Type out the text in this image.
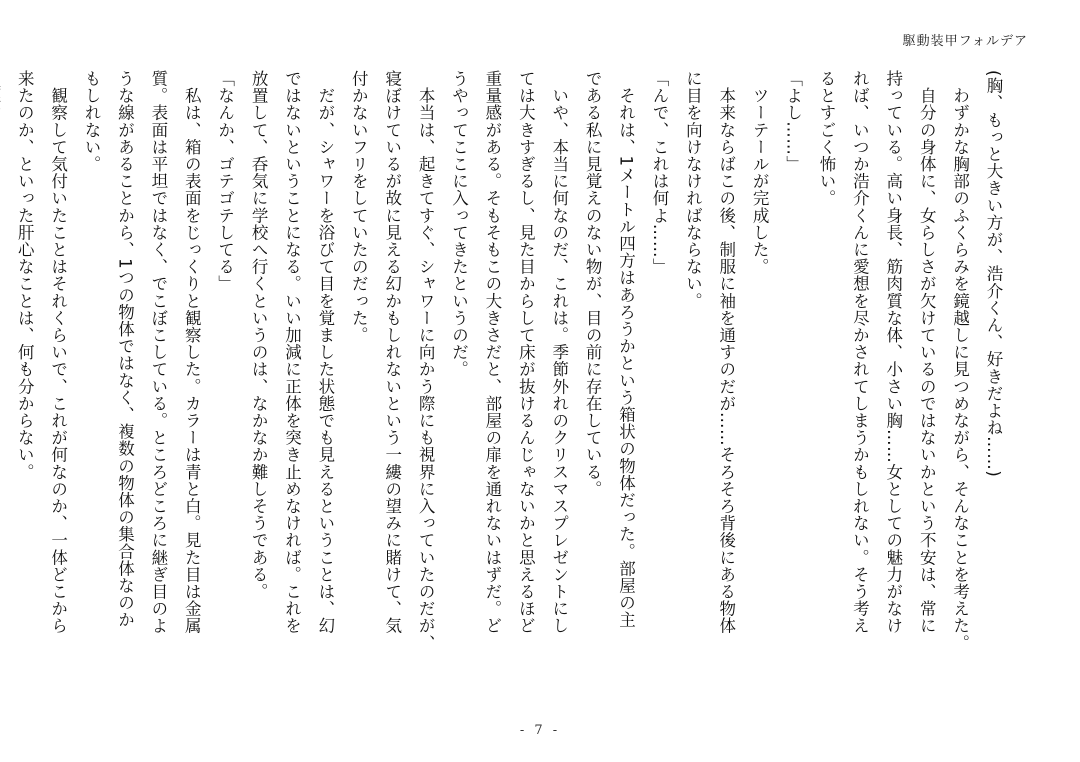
駆動装甲フォルデア

(胸、もっと大きい方が、浩介くん、好きだよね……)

　わずかな胸部のふくらみを鏡越しに見つめながら、そんなことを考えた。

　自分の身体に、女らしさが欠けているのではないかという不安は、常に

持っている。高い身長、筋肉質な体、小さい胸……女としての魅力がなけ

れば、いつか浩介くんに愛想を尽かされてしまうかもしれない。そう考え

るとすごく怖い。

「よし……」

　ツーテールが完成した。

　本来ならばこの後、制服に袖を通すのだが……そろそろ背後にある物体

に目を向けなければならない。

「んで、これは何よ……」

　それは、1メートル四方はあろうかという箱状の物体だった。部屋の主

である私に見覚えのない物が、目の前に存在している。

　いや、本当に何なのだ、これは。季節外れのクリスマスプレゼントにし

ては大きすぎるし、見た目からして床が抜けるんじゃないかと思えるほど

重量感がある。そもそもこの大きさだと、部屋の扉を通れないはずだ。ど

うやってここに入ってきたというのだ。

　本当は、起きてすぐ、シャワーに向かう際にも視界に入っていたのだが、

寝ぼけているが故に見える幻かもしれないという一縷の望みに賭けて、気

付かないフリをしていたのだった。

　だが、シャワーを浴びて目を覚ました状態でも見えるということは、幻

ではないということになる。いい加減に正体を突き止めなければ。これを

放置して、呑気に学校へ行くというのは、なかなか難しそうである。

「なんか、ゴテゴテしてる」

　私は、箱の表面をじっくりと観察した。カラーは青と白。見た目は金属

質。表面は平坦ではなく、でこぼこしている。ところどころに継ぎ目のよ

うな線があることから、1つの物体ではなく、複数の物体の集合体なのか

もしれない。

　観察して気付いたことはそれくらいで、これが何なのか、一体どこから

来たのか、といった肝心なことは、何も分からない。

- 7 -
